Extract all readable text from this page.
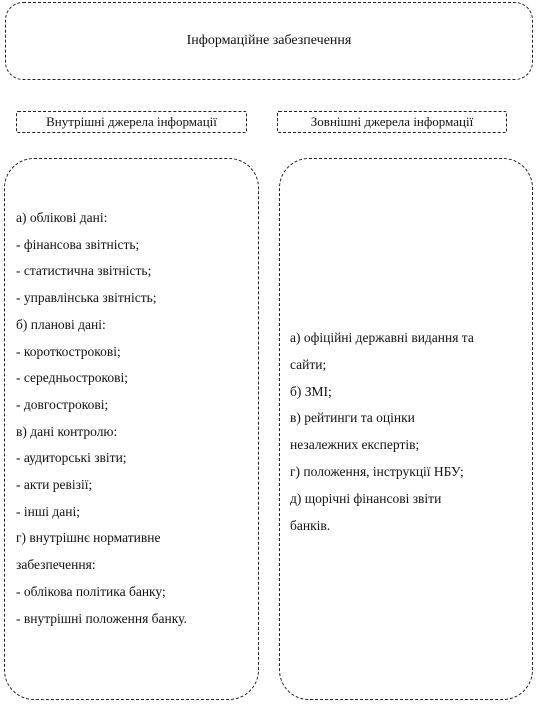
Інформаційне забезпечення
Внутрішні джерела інформації	Зовнішні джерела інформації
а) облікові дані:
- фінансова звітність;
- статистична звітність;
- управлінська звітність;
б) планові дані:
- короткострокові;
- середньострокові;
- довгострокові;
в) дані контролю:
- аудиторські звіти;
- акти ревізії;
- інші дані;
г) внутрішнє нормативне
забезпечення:
- облікова політика банку;
- внутрішні положення банку.
а) офіційні державні видання та
сайти;
б) ЗМІ;
в) рейтинги та оцінки
незалежних експертів;
г) положення, інструкції НБУ;
д) щорічні фінансові звіти
банків.
